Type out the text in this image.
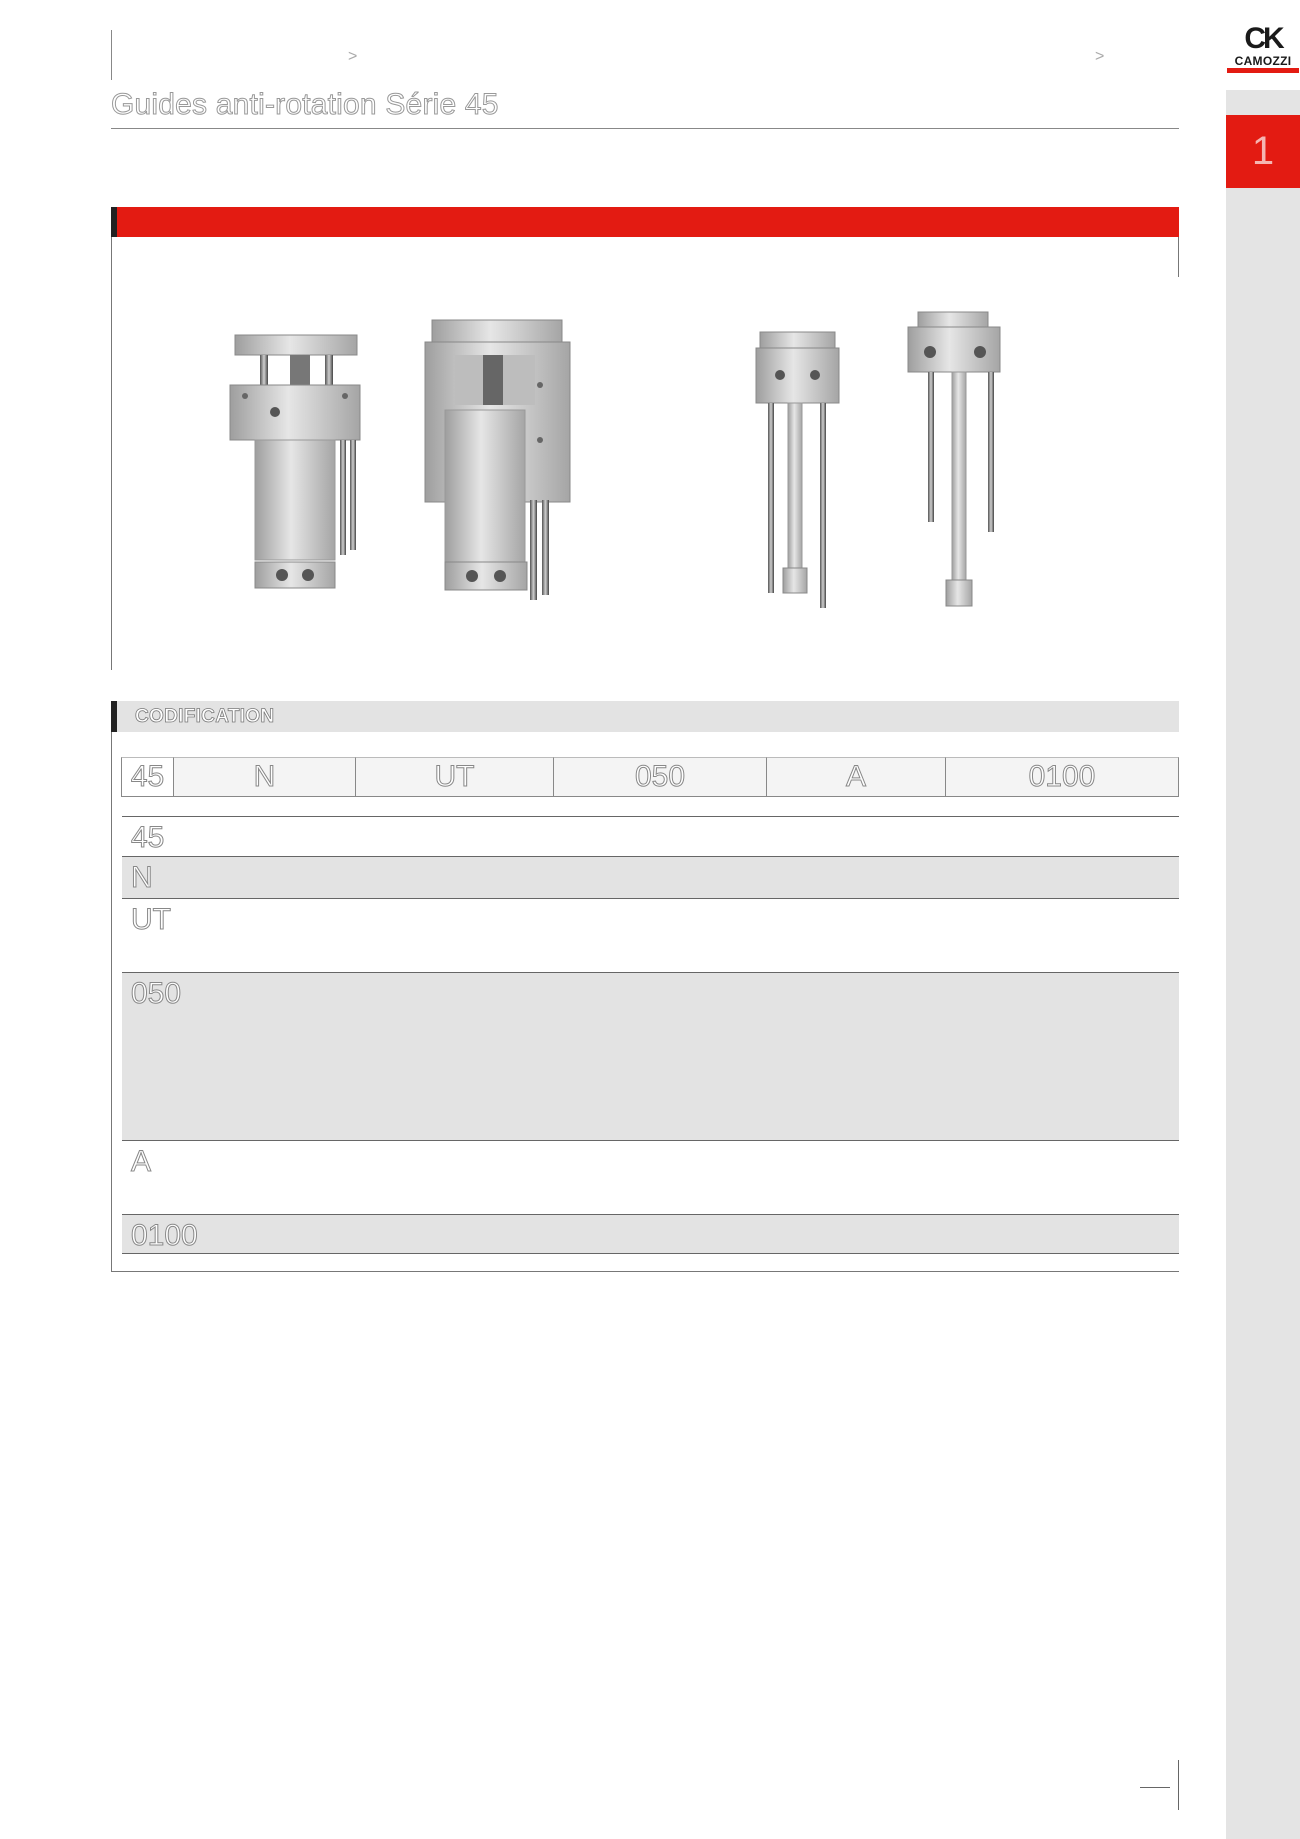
>	>
Guides anti-rotation Série 45
CK
CAMOZZI
1
CODIFICATION
45	N	UT	050	A	0100
45
N
UT
050
A
0100
